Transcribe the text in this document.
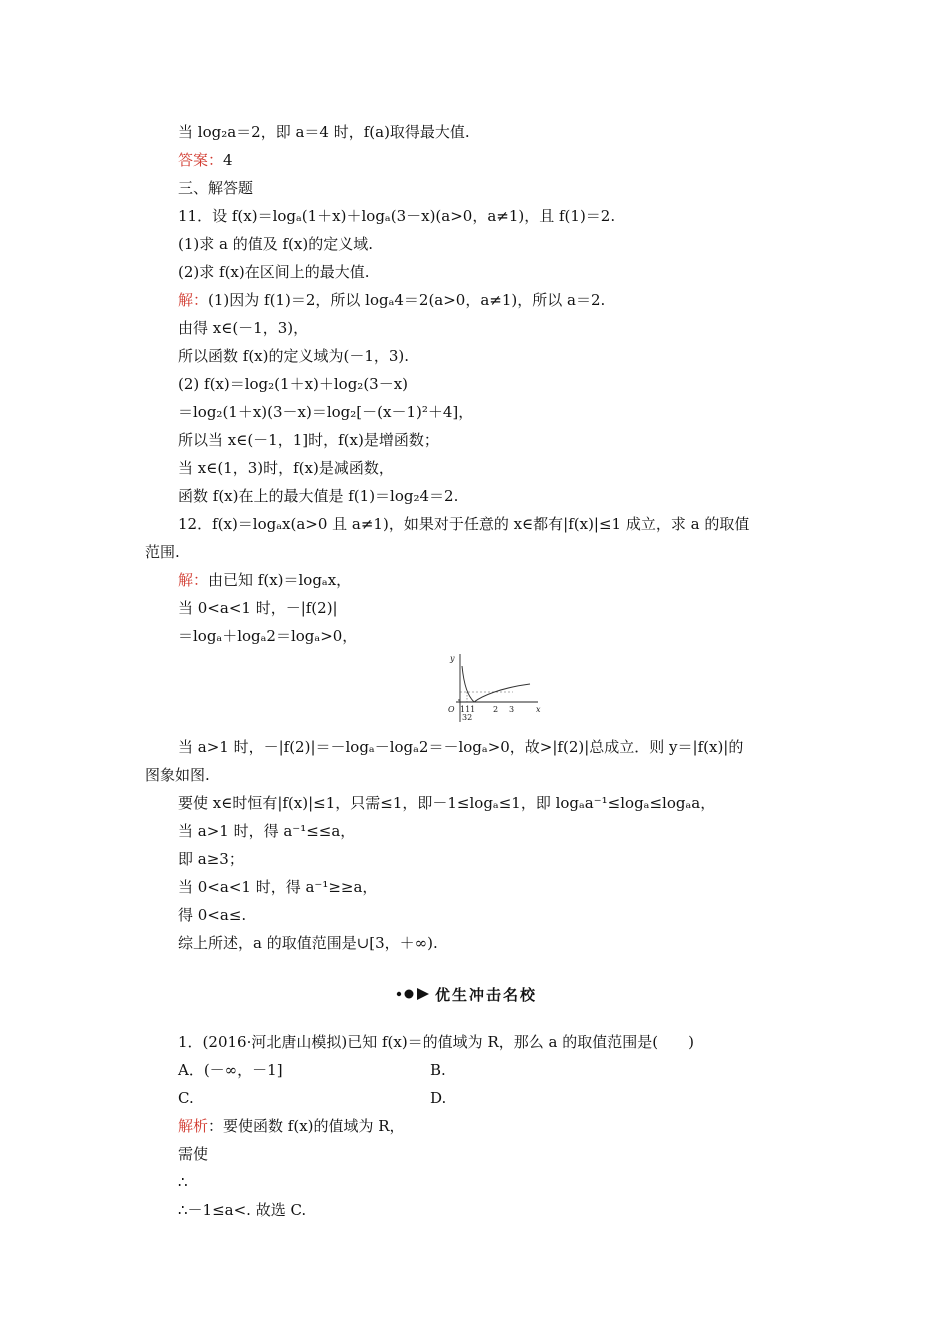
当 log₂a＝2，即 a＝4 时，f(a)取得最大值.
答案：4
三、解答题
11．设 f(x)＝logₐ(1＋x)＋logₐ(3－x)(a>0，a≠1)，且 f(1)＝2.
(1)求 a 的值及 f(x)的定义域.
(2)求 f(x)在区间上的最大值.
解：(1)因为 f(1)＝2，所以 logₐ4＝2(a>0，a≠1)，所以 a＝2.
由得 x∈(－1，3)，
所以函数 f(x)的定义域为(－1，3).
(2) f(x)＝log₂(1＋x)＋log₂(3－x)
＝log₂(1＋x)(3－x)＝log₂[－(x－1)²＋4]，
所以当 x∈(－1，1]时，f(x)是增函数；
当 x∈(1，3)时，f(x)是减函数，
函数 f(x)在上的最大值是 f(1)＝log₂4＝2.
12．f(x)＝logₐx(a>0 且 a≠1)，如果对于任意的 x∈都有|f(x)|≤1 成立，求 a 的取值
范围.
解：由已知 f(x)＝logₐx，
当 0<a<1 时，－|f(2)|
＝logₐ＋logₐ2＝logₐ>0，
y
O	x
111
32
2 3
当 a>1 时，－|f(2)|＝－logₐ－logₐ2＝－logₐ>0，故>|f(2)|总成立．则 y＝|f(x)|的
图象如图.
要使 x∈时恒有|f(x)|≤1，只需≤1，即－1≤logₐ≤1，即 logₐa⁻¹≤logₐ≤logₐa，
当 a>1 时，得 a⁻¹≤≤a，
即 a≥3；
当 0<a<1 时，得 a⁻¹≥≥a，
得 0<a≤.
综上所述，a 的取值范围是∪[3，＋∞).
优生冲击名校
1．(2016·河北唐山模拟)已知 f(x)＝的值域为 R，那么 a 的取值范围是(　　)
A．(－∞，－1]	B.
C.	D.
解析：要使函数 f(x)的值域为 R，
需使
∴
∴－1≤a<. 故选 C.
